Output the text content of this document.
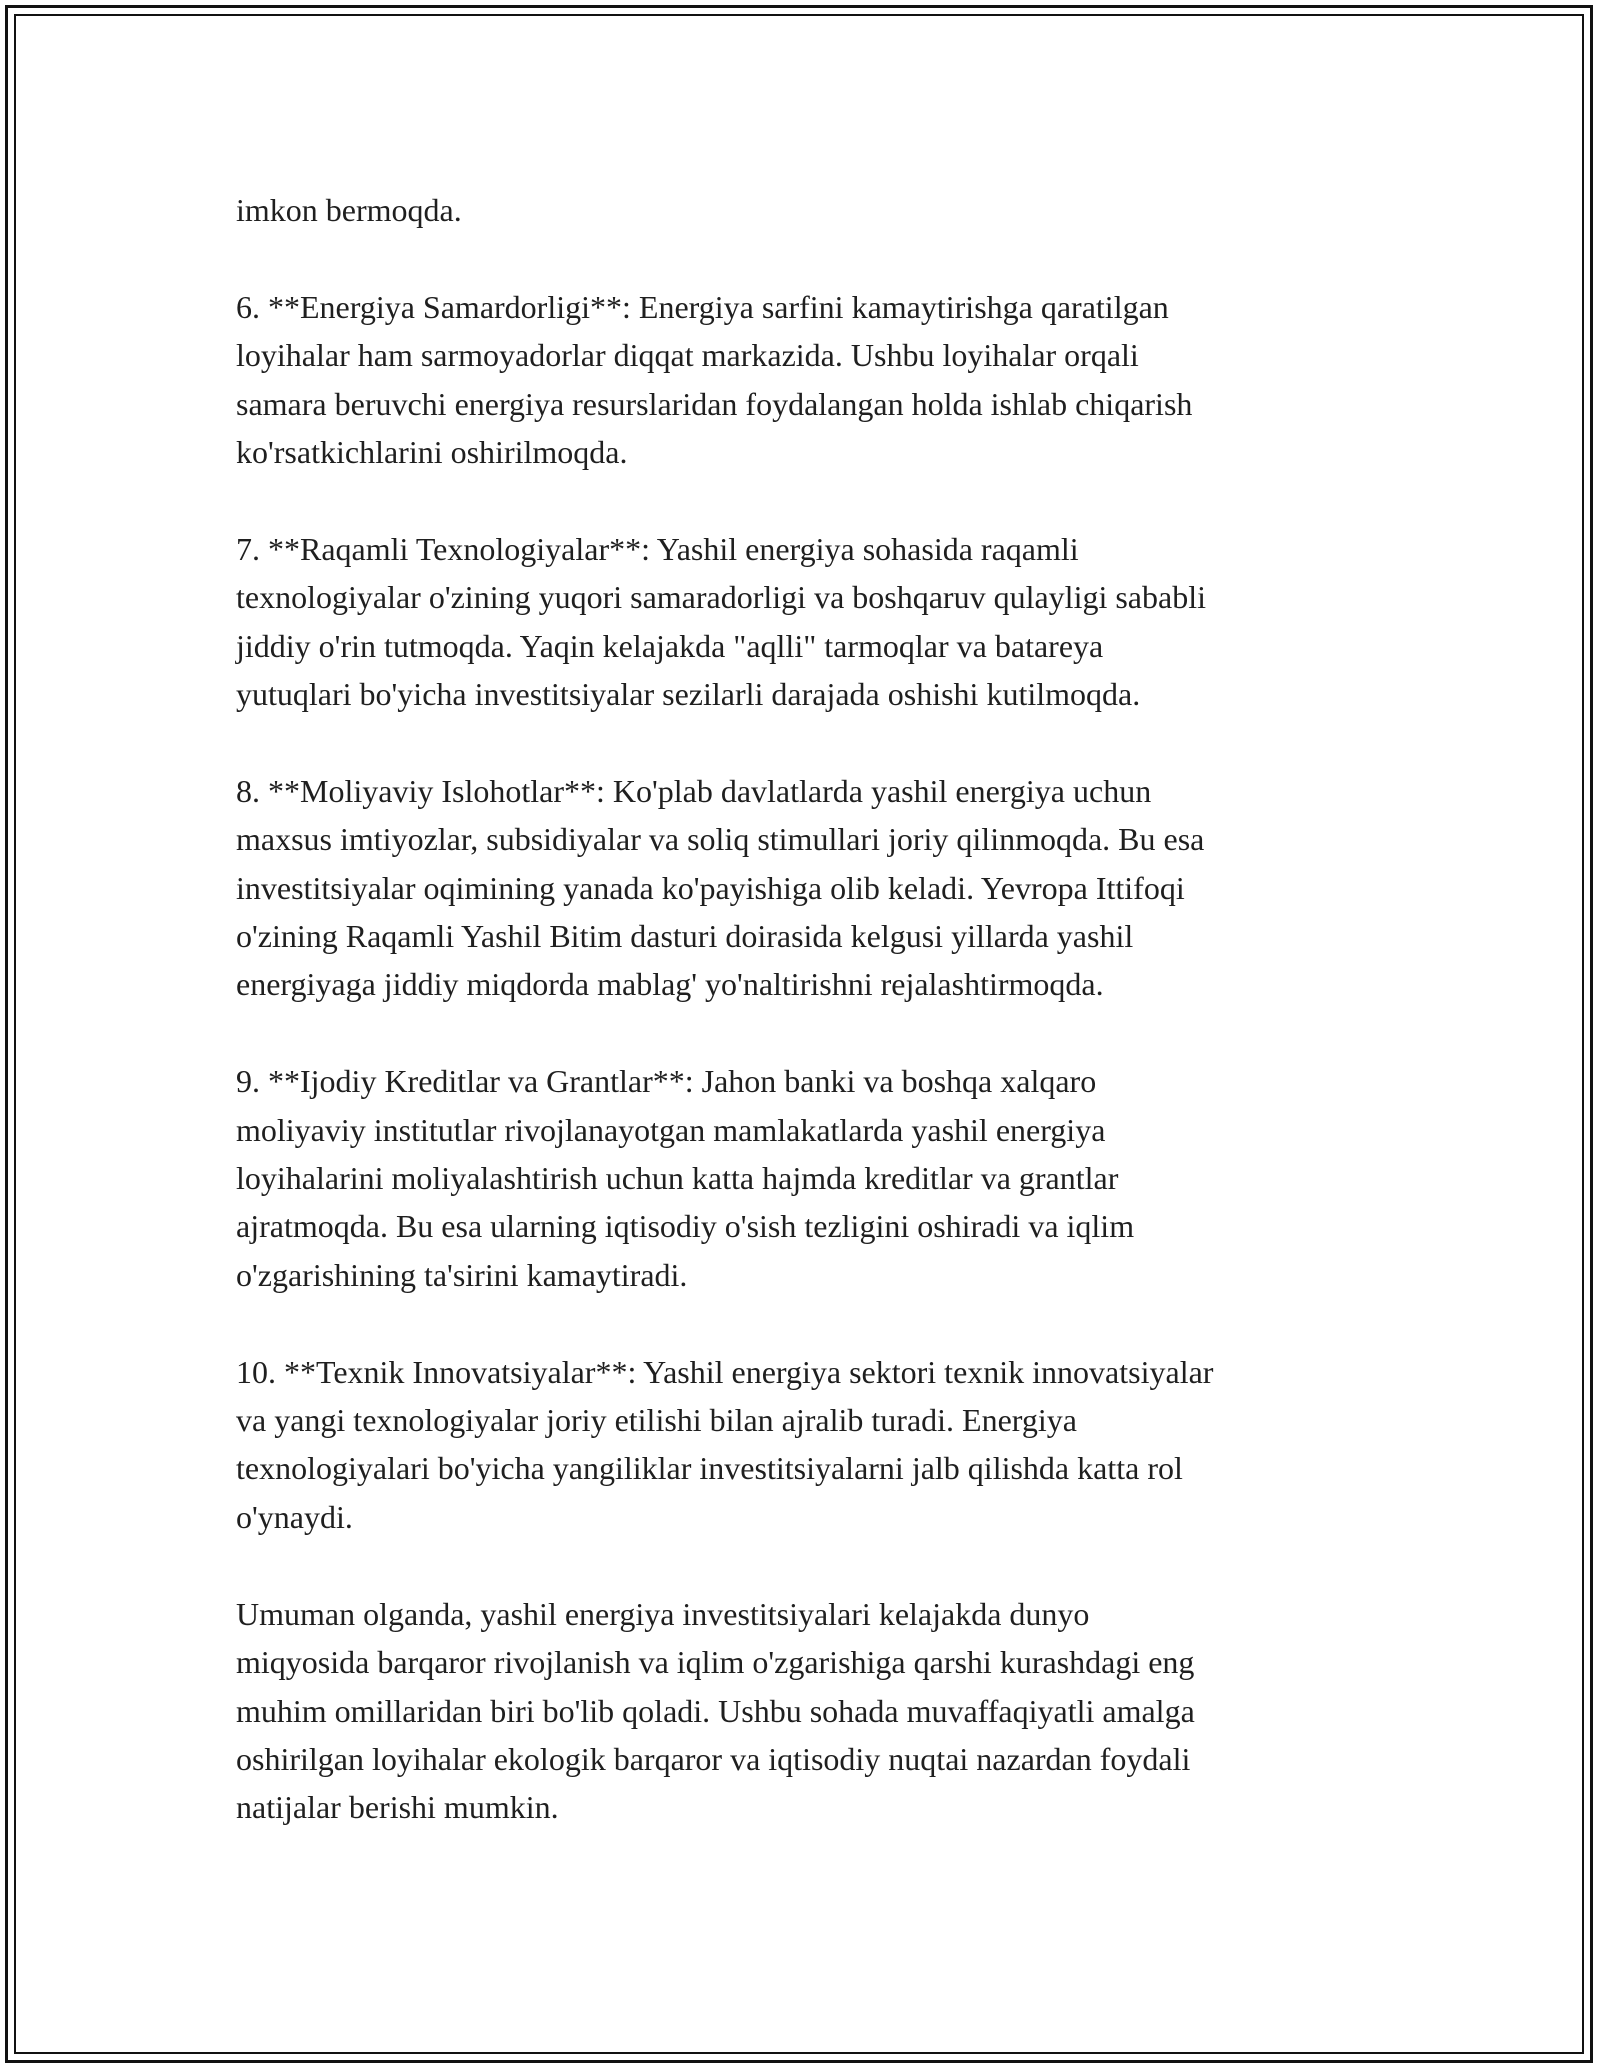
imkon bermoqda.

6. **Energiya Samardorligi**: Energiya sarfini kamaytirishga qaratilgan
loyihalar ham sarmoyadorlar diqqat markazida. Ushbu loyihalar orqali
samara beruvchi energiya resurslaridan foydalangan holda ishlab chiqarish
ko'rsatkichlarini oshirilmoqda.

7. **Raqamli Texnologiyalar**: Yashil energiya sohasida raqamli
texnologiyalar o'zining yuqori samaradorligi va boshqaruv qulayligi sababli
jiddiy o'rin tutmoqda. Yaqin kelajakda "aqlli" tarmoqlar va batareya
yutuqlari bo'yicha investitsiyalar sezilarli darajada oshishi kutilmoqda.

8. **Moliyaviy Islohotlar**: Ko'plab davlatlarda yashil energiya uchun
maxsus imtiyozlar, subsidiyalar va soliq stimullari joriy qilinmoqda. Bu esa
investitsiyalar oqimining yanada ko'payishiga olib keladi. Yevropa Ittifoqi
o'zining Raqamli Yashil Bitim dasturi doirasida kelgusi yillarda yashil
energiyaga jiddiy miqdorda mablag' yo'naltirishni rejalashtirmoqda.

9. **Ijodiy Kreditlar va Grantlar**: Jahon banki va boshqa xalqaro
moliyaviy institutlar rivojlanayotgan mamlakatlarda yashil energiya
loyihalarini moliyalashtirish uchun katta hajmda kreditlar va grantlar
ajratmoqda. Bu esa ularning iqtisodiy o'sish tezligini oshiradi va iqlim
o'zgarishining ta'sirini kamaytiradi.

10. **Texnik Innovatsiyalar**: Yashil energiya sektori texnik innovatsiyalar
va yangi texnologiyalar joriy etilishi bilan ajralib turadi. Energiya
texnologiyalari bo'yicha yangiliklar investitsiyalarni jalb qilishda katta rol
o'ynaydi.

Umuman olganda, yashil energiya investitsiyalari kelajakda dunyo
miqyosida barqaror rivojlanish va iqlim o'zgarishiga qarshi kurashdagi eng
muhim omillaridan biri bo'lib qoladi. Ushbu sohada muvaffaqiyatli amalga
oshirilgan loyihalar ekologik barqaror va iqtisodiy nuqtai nazardan foydali
natijalar berishi mumkin.
